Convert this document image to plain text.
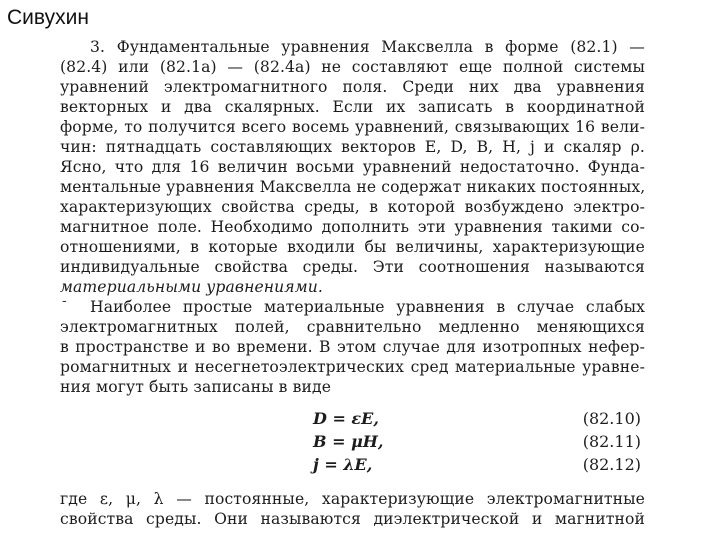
Сивухин
3. Фундаментальные уравнения Максвелла в форме (82.1) —
(82.4) или (82.1а) — (82.4а) не составляют еще полной системы
уравнений электромагнитного поля. Среди них два уравнения
векторных и два скалярных. Если их записать в координатной
форме, то получится всего восемь уравнений, связывающих 16 вели-
чин: пятнадцать составляющих векторов E, D, B, H, j и скаляр ρ.
Ясно, что для 16 величин восьми уравнений недостаточно. Фунда-
ментальные уравнения Максвелла не содержат никаких постоянных,
характеризующих свойства среды, в которой возбуждено электро-
магнитное поле. Необходимо дополнить эти уравнения такими со-
отношениями, в которые входили бы величины, характеризующие
индивидуальные свойства среды. Эти соотношения называются
материальными уравнениями.
- Наиболее простые материальные уравнения в случае слабых
электромагнитных полей, сравнительно медленно меняющихся
в пространстве и во времени. В этом случае для изотропных нефер-
ромагнитных и несегнетоэлектрических сред материальные уравне-
ния могут быть записаны в виде
D = εE,	(82.10)
B = μH,	(82.11)
j = λE,	(82.12)
где ε, μ, λ — постоянные, характеризующие электромагнитные
свойства среды. Они называются диэлектрической и магнитной
